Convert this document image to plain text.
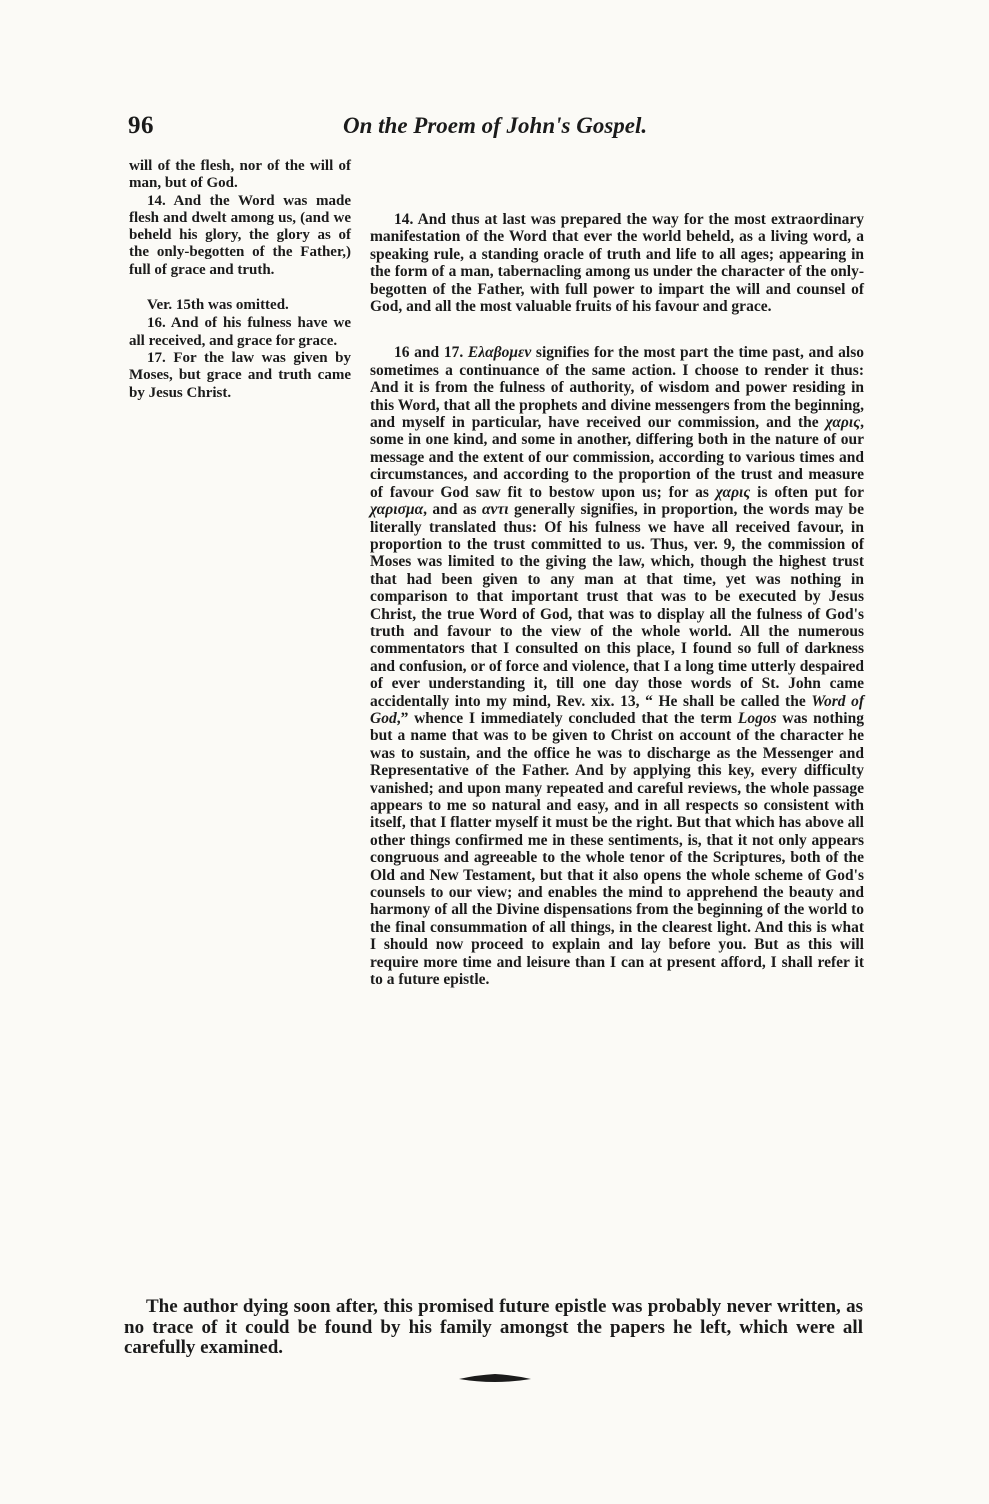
96	On the Proem of John's Gospel.

will of the flesh, nor of the will of man, but of God.

14. And the Word was made flesh and dwelt among us, (and we beheld his glory, the glory as of the only-begotten of the Father,) full of grace and truth.

Ver. 15th was omitted.

16. And of his fulness have we all received, and grace for grace.

17. For the law was given by Moses, but grace and truth came by Jesus Christ.

14. And thus at last was prepared the way for the most extraordinary manifestation of the Word that ever the world beheld, as a living word, a speaking rule, a standing oracle of truth and life to all ages; appearing in the form of a man, tabernacling among us under the character of the only-begotten of the Father, with full power to impart the will and counsel of God, and all the most valuable fruits of his favour and grace.

16 and 17. Ελαβομεν signifies for the most part the time past, and also sometimes a continuance of the same action. I choose to render it thus: And it is from the fulness of authority, of wisdom and power residing in this Word, that all the prophets and divine messengers from the beginning, and myself in particular, have received our commission, and the χαρις, some in one kind, and some in another, differing both in the nature of our message and the extent of our commission, according to various times and circumstances, and according to the proportion of the trust and measure of favour God saw fit to bestow upon us; for as χαρις is often put for χαρισμα, and as αντι generally signifies, in proportion, the words may be literally translated thus: Of his fulness we have all received favour, in proportion to the trust committed to us. Thus, ver. 9, the commission of Moses was limited to the giving the law, which, though the highest trust that had been given to any man at that time, yet was nothing in comparison to that important trust that was to be executed by Jesus Christ, the true Word of God, that was to display all the fulness of God's truth and favour to the view of the whole world. All the numerous commentators that I consulted on this place, I found so full of darkness and confusion, or of force and violence, that I a long time utterly despaired of ever understanding it, till one day those words of St. John came accidentally into my mind, Rev. xix. 13, “ He shall be called the Word of God,” whence I immediately concluded that the term Logos was nothing but a name that was to be given to Christ on account of the character he was to sustain, and the office he was to discharge as the Messenger and Representative of the Father. And by applying this key, every difficulty vanished; and upon many repeated and careful reviews, the whole passage appears to me so natural and easy, and in all respects so consistent with itself, that I flatter myself it must be the right. But that which has above all other things confirmed me in these sentiments, is, that it not only appears congruous and agreeable to the whole tenor of the Scriptures, both of the Old and New Testament, but that it also opens the whole scheme of God's counsels to our view; and enables the mind to apprehend the beauty and harmony of all the Divine dispensations from the beginning of the world to the final consummation of all things, in the clearest light. And this is what I should now proceed to explain and lay before you. But as this will require more time and leisure than I can at present afford, I shall refer it to a future epistle.

The author dying soon after, this promised future epistle was probably never written, as no trace of it could be found by his family amongst the papers he left, which were all carefully examined.
